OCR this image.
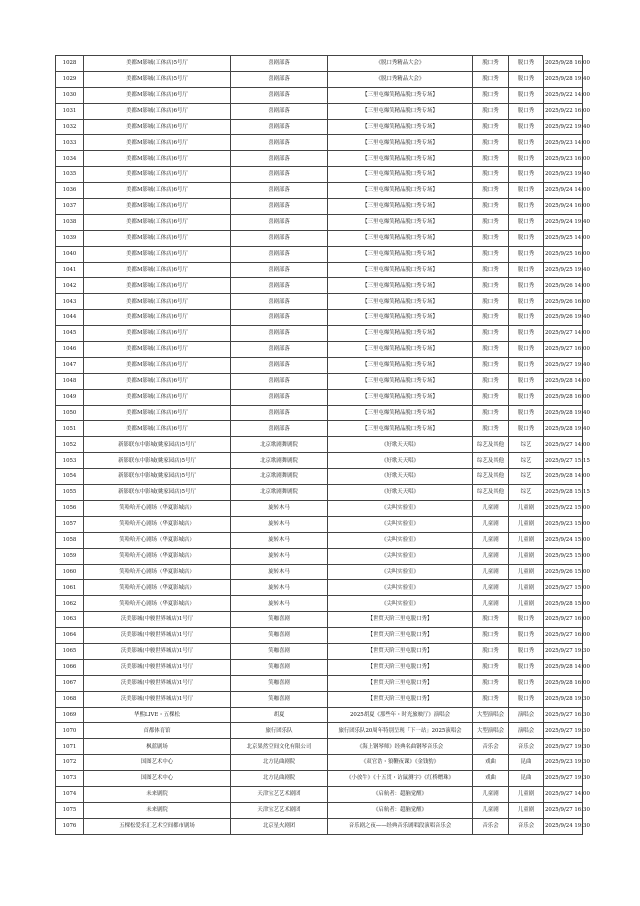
1028	美都M影城(工体店)5号厅	喜剧部落	《脱口秀精品大会》	脱口秀	脱口秀	2025/9/28 16:00
1029	美都M影城(工体店)5号厅	喜剧部落	《脱口秀精品大会》	脱口秀	脱口秀	2025/9/28 19:40
1030	美都M影城(工体店)6号厅	喜剧部落	【三里屯爆笑精品脱口秀专场】	脱口秀	脱口秀	2025/9/22 14:00
1031	美都M影城(工体店)6号厅	喜剧部落	【三里屯爆笑精品脱口秀专场】	脱口秀	脱口秀	2025/9/22 16:00
1032	美都M影城(工体店)6号厅	喜剧部落	【三里屯爆笑精品脱口秀专场】	脱口秀	脱口秀	2025/9/22 19:40
1033	美都M影城(工体店)6号厅	喜剧部落	【三里屯爆笑精品脱口秀专场】	脱口秀	脱口秀	2025/9/23 14:00
1034	美都M影城(工体店)6号厅	喜剧部落	【三里屯爆笑精品脱口秀专场】	脱口秀	脱口秀	2025/9/23 16:00
1035	美都M影城(工体店)6号厅	喜剧部落	【三里屯爆笑精品脱口秀专场】	脱口秀	脱口秀	2025/9/23 19:40
1036	美都M影城(工体店)6号厅	喜剧部落	【三里屯爆笑精品脱口秀专场】	脱口秀	脱口秀	2025/9/24 14:00
1037	美都M影城(工体店)6号厅	喜剧部落	【三里屯爆笑精品脱口秀专场】	脱口秀	脱口秀	2025/9/24 16:00
1038	美都M影城(工体店)6号厅	喜剧部落	【三里屯爆笑精品脱口秀专场】	脱口秀	脱口秀	2025/9/24 19:40
1039	美都M影城(工体店)6号厅	喜剧部落	【三里屯爆笑精品脱口秀专场】	脱口秀	脱口秀	2025/9/25 14:00
1040	美都M影城(工体店)6号厅	喜剧部落	【三里屯爆笑精品脱口秀专场】	脱口秀	脱口秀	2025/9/25 16:00
1041	美都M影城(工体店)6号厅	喜剧部落	【三里屯爆笑精品脱口秀专场】	脱口秀	脱口秀	2025/9/25 19:40
1042	美都M影城(工体店)6号厅	喜剧部落	【三里屯爆笑精品脱口秀专场】	脱口秀	脱口秀	2025/9/26 14:00
1043	美都M影城(工体店)6号厅	喜剧部落	【三里屯爆笑精品脱口秀专场】	脱口秀	脱口秀	2025/9/26 16:00
1044	美都M影城(工体店)6号厅	喜剧部落	【三里屯爆笑精品脱口秀专场】	脱口秀	脱口秀	2025/9/26 19:40
1045	美都M影城(工体店)6号厅	喜剧部落	【三里屯爆笑精品脱口秀专场】	脱口秀	脱口秀	2025/9/27 14:00
1046	美都M影城(工体店)6号厅	喜剧部落	【三里屯爆笑精品脱口秀专场】	脱口秀	脱口秀	2025/9/27 16:00
1047	美都M影城(工体店)6号厅	喜剧部落	【三里屯爆笑精品脱口秀专场】	脱口秀	脱口秀	2025/9/27 19:40
1048	美都M影城(工体店)6号厅	喜剧部落	【三里屯爆笑精品脱口秀专场】	脱口秀	脱口秀	2025/9/28 14:00
1049	美都M影城(工体店)6号厅	喜剧部落	【三里屯爆笑精品脱口秀专场】	脱口秀	脱口秀	2025/9/28 16:00
1050	美都M影城(工体店)6号厅	喜剧部落	【三里屯爆笑精品脱口秀专场】	脱口秀	脱口秀	2025/9/28 19:40
1051	美都M影城(工体店)6号厅	喜剧部落	【三里屯爆笑精品脱口秀专场】	脱口秀	脱口秀	2025/9/28 19:40
1052	新影联东中影城(姚家园店)5号厅	北京歌剧舞剧院	《好歌天天唱》	综艺及其他	综艺	2025/9/27 14:00
1053	新影联东中影城(姚家园店)5号厅	北京歌剧舞剧院	《好歌天天唱》	综艺及其他	综艺	2025/9/27 15:15
1054	新影联东中影城(姚家园店)5号厅	北京歌剧舞剧院	《好歌天天唱》	综艺及其他	综艺	2025/9/28 14:00
1055	新影联东中影城(姚家园店)5号厅	北京歌剧舞剧院	《好歌天天唱》	综艺及其他	综艺	2025/9/28 15:15
1056	笑哈哈开心剧场（华夏影城店）	旋转木马	《尖叫实验室》	儿童剧	儿童剧	2025/9/22 15:00
1057	笑哈哈开心剧场（华夏影城店）	旋转木马	《尖叫实验室》	儿童剧	儿童剧	2025/9/23 15:00
1058	笑哈哈开心剧场（华夏影城店）	旋转木马	《尖叫实验室》	儿童剧	儿童剧	2025/9/24 15:00
1059	笑哈哈开心剧场（华夏影城店）	旋转木马	《尖叫实验室》	儿童剧	儿童剧	2025/9/25 15:00
1060	笑哈哈开心剧场（华夏影城店）	旋转木马	《尖叫实验室》	儿童剧	儿童剧	2025/9/26 15:00
1061	笑哈哈开心剧场（华夏影城店）	旋转木马	《尖叫实验室》	儿童剧	儿童剧	2025/9/27 15:00
1062	笑哈哈开心剧场（华夏影城店）	旋转木马	《尖叫实验室》	儿童剧	儿童剧	2025/9/28 15:00
1063	沃美影城(中骏世界城店)1号厅	笑咖喜剧	【世贸天阶三里屯脱口秀】	脱口秀	脱口秀	2025/9/27 16:00
1064	沃美影城(中骏世界城店)1号厅	笑咖喜剧	【世贸天阶三里屯脱口秀】	脱口秀	脱口秀	2025/9/27 16:00
1065	沃美影城(中骏世界城店)1号厅	笑咖喜剧	【世贸天阶三里屯脱口秀】	脱口秀	脱口秀	2025/9/27 19:30
1066	沃美影城(中骏世界城店)1号厅	笑咖喜剧	【世贸天阶三里屯脱口秀】	脱口秀	脱口秀	2025/9/28 14:00
1067	沃美影城(中骏世界城店)1号厅	笑咖喜剧	【世贸天阶三里屯脱口秀】	脱口秀	脱口秀	2025/9/28 16:00
1068	沃美影城(中骏世界城店)1号厅	笑咖喜剧	【世贸天阶三里屯脱口秀】	脱口秀	脱口秀	2025/9/28 19:30
1069	华熙LIVE・五棵松	胡夏	2025胡夏《那些年・时光旅映厅》演唱会	大型演唱会	演唱会	2025/9/27 16:30
1070	首都体育馆	旅行团乐队	旅行团乐队20周年特别呈现「下一站」2025演唱会	大型演唱会	演唱会	2025/9/27 19:30
1071	枫蓝剧场	北京果然空间文化有限公司	《海上钢琴师》经典名曲钢琴音乐会	音乐会	音乐会	2025/9/27 19:30
1072	国图艺术中心	北方昆曲剧院	《双官诰・狼鞭夜课》《金钱豹》	戏曲	昆曲	2025/9/23 19:30
1073	国图艺术中心	北方昆曲剧院	《小放牛》《十五贯・访鼠测字》《红桥赠珠》	戏曲	昆曲	2025/9/27 19:30
1074	未来剧院	天津宝艺艺术剧团	《启航者：超脑觉醒》	儿童剧	儿童剧	2025/9/27 14:00
1075	未来剧院	天津宝艺艺术剧团	《启航者：超脑觉醒》	儿童剧	儿童剧	2025/9/27 16:30
1076	五棵松爱乐汇艺术空间都市剧场	北京星火剧团	音乐剧之夜——经典音乐剧唱段演唱音乐会	音乐会	音乐会	2025/9/24 19:30
